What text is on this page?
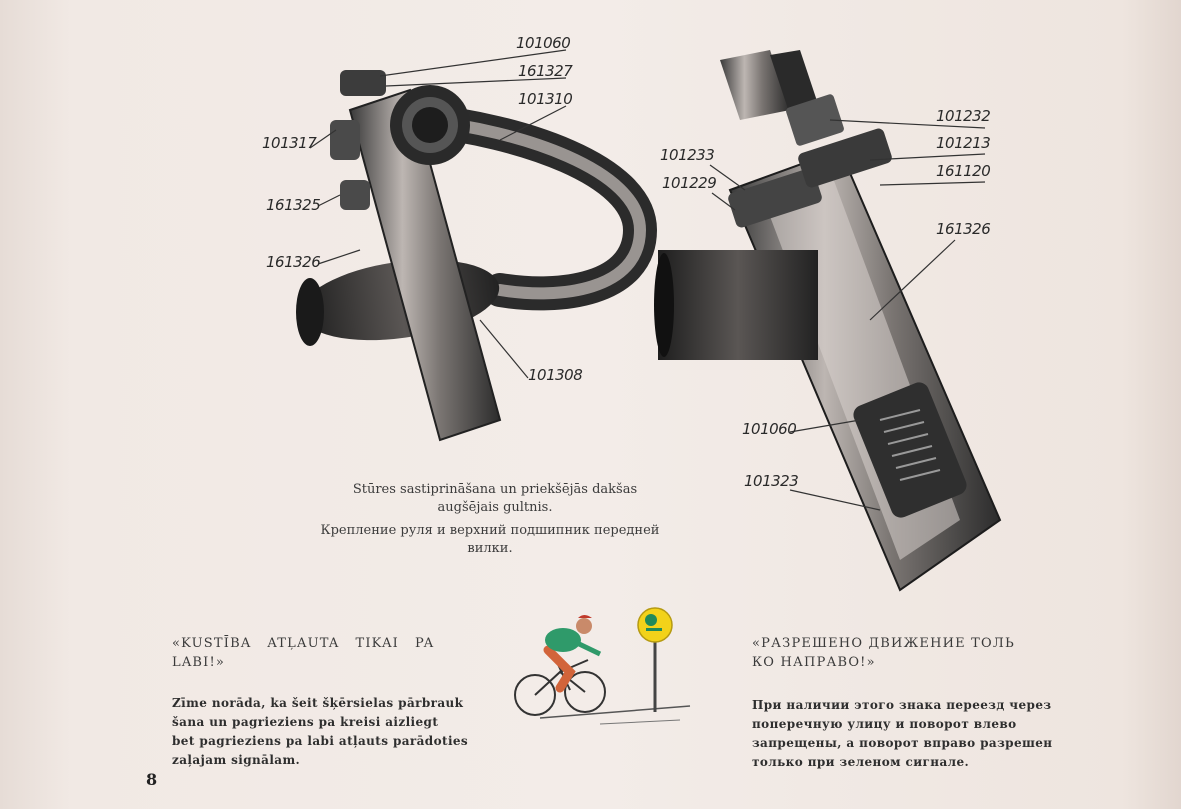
101060
161327
101310
101317
161325
161326
101308
101232
101233
101213
101229
161120
161326
101060
101323
Stūres sastiprināšana un priekšējās dakšas
augšējais gultnis.
Крепление руля и верхний подшипник передней
вилки.
«KUSTĪBA   ATĻAUTA   TIKAI   PA
LABI!»
Zīme norāda, ka šeit šķērsielas pārbrauk
šana un pagrieziens pa kreisi aizliegt
bet pagrieziens pa labi atļauts parādoties
zaļajam signālam.
«РАЗРЕШЕНО ДВИЖЕНИЕ ТОЛЬ
КО НАПРАВО!»
При наличии этого знака переезд через
поперечную улицу и поворот влево
запрещены, а поворот вправо разрешен
только при зеленом сигнале.
8
